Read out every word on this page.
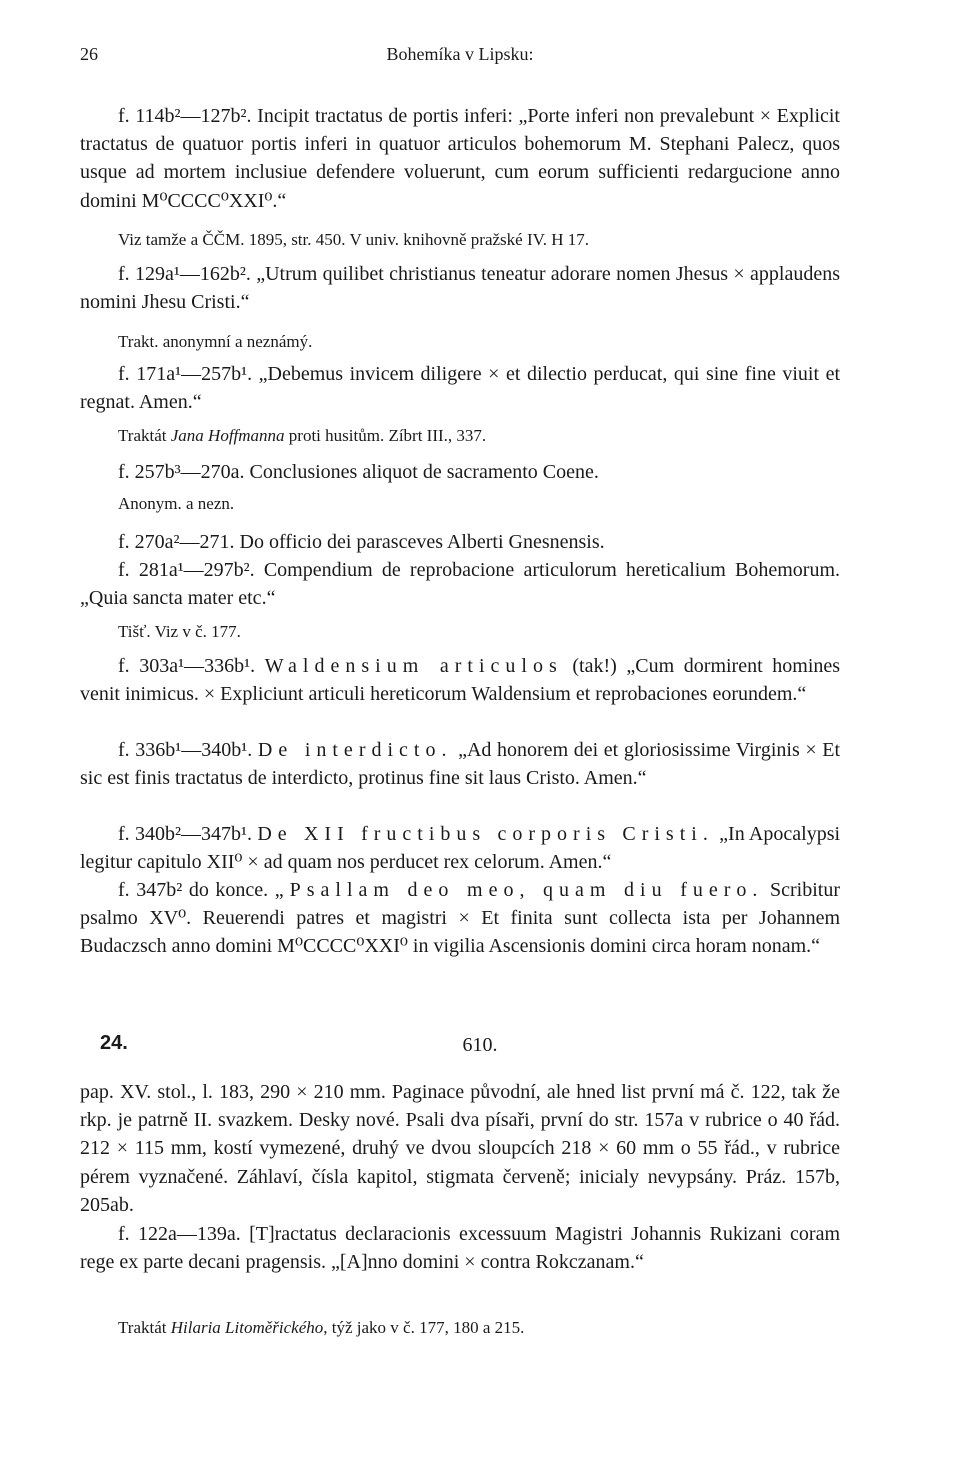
26	Bohemíka v Lipsku:

f. 114b²—127b². Incipit tractatus de portis inferi: „Porte inferi non prevalebunt × Explicit tractatus de quatuor portis inferi in quatuor articulos bohemorum M. Stephani Palecz, quos usque ad mortem inclusiue defendere voluerunt, cum eorum sufficienti redargucione anno domini M⁰CCCC⁰XXI⁰.“

Viz tamže a ČČM. 1895, str. 450. V univ. knihovně pražské IV. H 17.

f. 129a¹—162b². „Utrum quilibet christianus teneatur adorare nomen Jhesus × applaudens nomini Jhesu Cristi.“

Trakt. anonymní a neznámý.

f. 171a¹—257b¹. „Debemus invicem diligere × et dilectio perducat, qui sine fine viuit et regnat. Amen.“

Traktát Jana Hoffmanna proti husitům. Zíbrt III., 337.

f. 257b³—270a. Conclusiones aliquot de sacramento Coene.

Anonym. a nezn.

f. 270a²—271. Do officio dei parasceves Alberti Gnesnensis.

f. 281a¹—297b². Compendium de reprobacione articulorum hereticalium Bohemorum. „Quia sancta mater etc.“

Tišť. Viz v č. 177.

f. 303a¹—336b¹. Waldensium articulos (tak!) „Cum dormirent homines venit inimicus. × Expliciunt articuli hereticorum Waldensium et reprobaciones eorundem.“

f. 336b¹—340b¹. De interdicto. „Ad honorem dei et gloriosissime Virginis × Et sic est finis tractatus de interdicto, protinus fine sit laus Cristo. Amen.“

f. 340b²—347b¹. De XII fructibus corporis Cristi. „In Apocalypsi legitur capitulo XII⁰ × ad quam nos perducet rex celorum. Amen.“

f. 347b² do konce. „Psallam deo meo, quam diu fuero. Scribitur psalmo XV⁰. Reuerendi patres et magistri × Et finita sunt collecta ista per Johannem Budaczsch anno domini M⁰CCCC⁰XXI⁰ in vigilia Ascensionis domini circa horam nonam.“

24.	610.

pap. XV. stol., l. 183, 290 × 210 mm. Paginace původní, ale hned list první má č. 122, tak že rkp. je patrně II. svazkem. Desky nové. Psali dva písaři, první do str. 157a v rubrice o 40 řád. 212 × 115 mm, kostí vymezené, druhý ve dvou sloupcích 218 × 60 mm o 55 řád., v rubrice pérem vyznačené. Záhlaví, čísla kapitol, stigmata červeně; inicialy nevypsány. Práz. 157b, 205ab.

f. 122a—139a. [T]ractatus declaracionis excessuum Magistri Johannis Rukizani coram rege ex parte decani pragensis. „[A]nno domini × contra Rokczanam.“

Traktát Hilaria Litoměřického, týž jako v č. 177, 180 a 215.
